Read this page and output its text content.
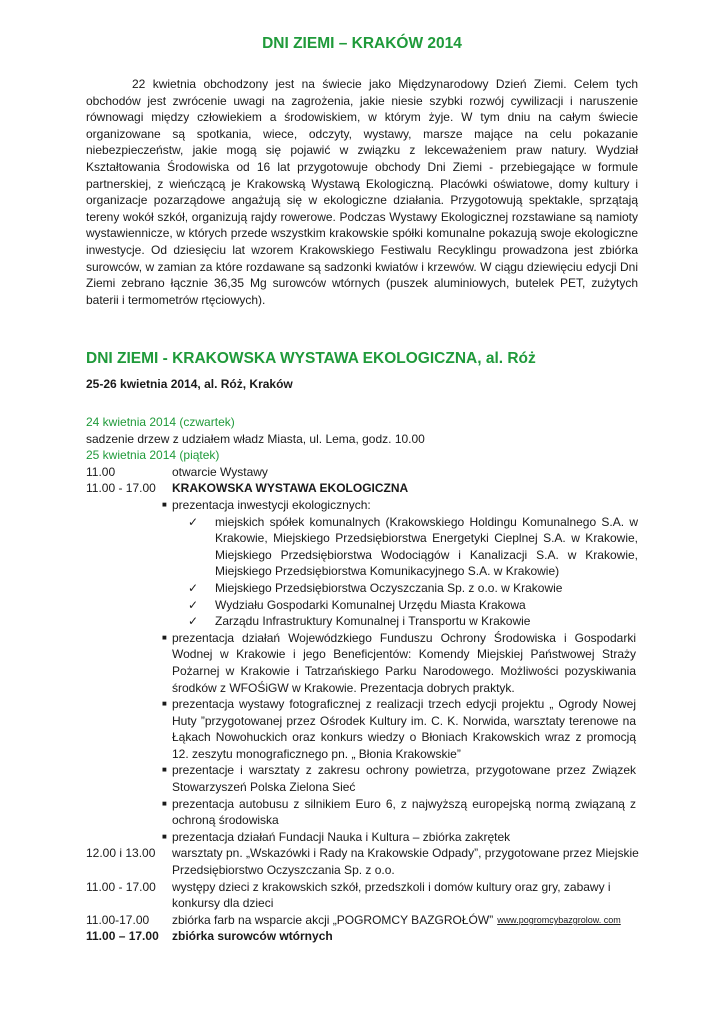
DNI ZIEMI – KRAKÓW 2014

22 kwietnia obchodzony jest na świecie jako Międzynarodowy Dzień Ziemi. Celem tych obchodów jest zwrócenie uwagi na zagrożenia, jakie niesie szybki rozwój cywilizacji i naruszenie równowagi między człowiekiem a środowiskiem, w którym żyje. W tym dniu na całym świecie organizowane są spotkania, wiece, odczyty, wystawy, marsze mające na celu pokazanie niebezpieczeństw, jakie mogą się pojawić w związku z lekceważeniem praw natury. Wydział Kształtowania Środowiska od 16 lat przygotowuje obchody Dni Ziemi - przebiegające w formule partnerskiej, z wieńczącą je Krakowską Wystawą Ekologiczną. Placówki oświatowe, domy kultury i organizacje pozarządowe angażują się w ekologiczne działania. Przygotowują spektakle, sprzątają tereny wokół szkół, organizują rajdy rowerowe. Podczas Wystawy Ekologicznej rozstawiane są namioty wystawiennicze, w których przede wszystkim krakowskie spółki komunalne pokazują swoje ekologiczne inwestycje. Od dziesięciu lat wzorem Krakowskiego Festiwalu Recyklingu prowadzona jest zbiórka surowców, w zamian za które rozdawane są sadzonki kwiatów i krzewów. W ciągu dziewięciu edycji Dni Ziemi zebrano łącznie 36,35 Mg surowców wtórnych (puszek aluminiowych, butelek PET, zużytych baterii i termometrów rtęciowych).

DNI ZIEMI - KRAKOWSKA WYSTAWA EKOLOGICZNA, al. Róż
25-26 kwietnia 2014, al. Róż, Kraków
24 kwietnia 2014 (czwartek)
sadzenie drzew z udziałem władz Miasta, ul. Lema, godz. 10.00
25 kwietnia 2014 (piątek)
11.00	otwarcie Wystawy
11.00 - 17.00	KRAKOWSKA WYSTAWA EKOLOGICZNA
■ prezentacja inwestycji ekologicznych:
✓	miejskich spółek komunalnych (Krakowskiego Holdingu Komunalnego S.A. w Krakowie, Miejskiego Przedsiębiorstwa Energetyki Cieplnej S.A. w Krakowie, Miejskiego Przedsiębiorstwa Wodociągów i Kanalizacji S.A. w Krakowie, Miejskiego Przedsiębiorstwa Komunikacyjnego S.A. w Krakowie)
✓	Miejskiego Przedsiębiorstwa Oczyszczania Sp. z o.o. w Krakowie
✓	Wydziału Gospodarki Komunalnej Urzędu Miasta Krakowa
✓	Zarządu Infrastruktury Komunalnej i Transportu w Krakowie
■ prezentacja działań Wojewódzkiego Funduszu Ochrony Środowiska i Gospodarki Wodnej w Krakowie i jego Beneficjentów: Komendy Miejskiej Państwowej Straży Pożarnej w Krakowie i Tatrzańskiego Parku Narodowego. Możliwości pozyskiwania środków z WFOŚiGW w Krakowie. Prezentacja dobrych praktyk.
■ prezentacja wystawy fotograficznej z realizacji trzech edycji projektu „ Ogrody Nowej Huty ”przygotowanej przez Ośrodek Kultury im. C. K. Norwida, warsztaty terenowe na Łąkach Nowohuckich oraz konkurs wiedzy o Błoniach Krakowskich wraz z promocją 12. zeszytu monograficznego pn. „ Błonia Krakowskie”
■ prezentacje i warsztaty z zakresu ochrony powietrza, przygotowane przez Związek Stowarzyszeń Polska Zielona Sieć
■ prezentacja autobusu z silnikiem Euro 6, z najwyższą europejską normą związaną z ochroną środowiska
■ prezentacja działań Fundacji Nauka i Kultura – zbiórka zakrętek
12.00 i 13.00	warsztaty pn. „Wskazówki i Rady na Krakowskie Odpady”, przygotowane przez Miejskie Przedsiębiorstwo Oczyszczania Sp. z o.o.
11.00 - 17.00	występy dzieci z krakowskich szkół, przedszkoli i domów kultury oraz gry, zabawy i konkursy dla dzieci
11.00-17.00	zbiórka farb na wsparcie akcji „POGROMCY BAZGROŁÓW” www.pogromcybazgrolow. com
11.00 – 17.00	zbiórka surowców wtórnych
